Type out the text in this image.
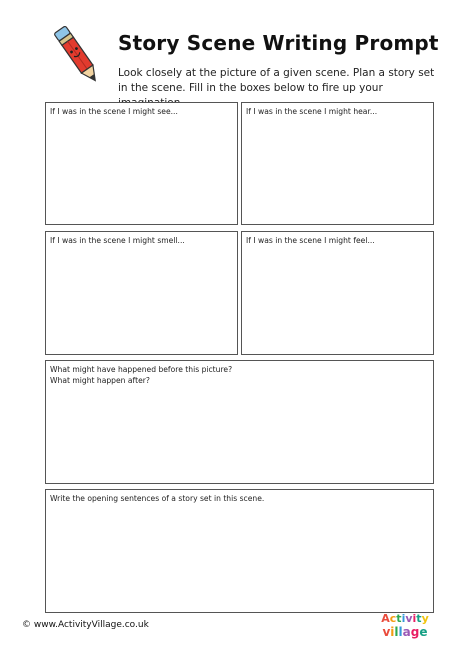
Story Scene Writing Prompt
Look closely at the picture of a given scene. Plan a story set in the scene. Fill in the boxes below to fire up your
If I was in the scene I might see...	If I was in the scene I might hear...
If I was in the scene I might smell...	If I was in the scene I might feel...
What might have happened before this picture?
What might happen after?
Write the opening sentences of a story set in this scene.
© www.ActivityVillage.co.uk	Activity
village
